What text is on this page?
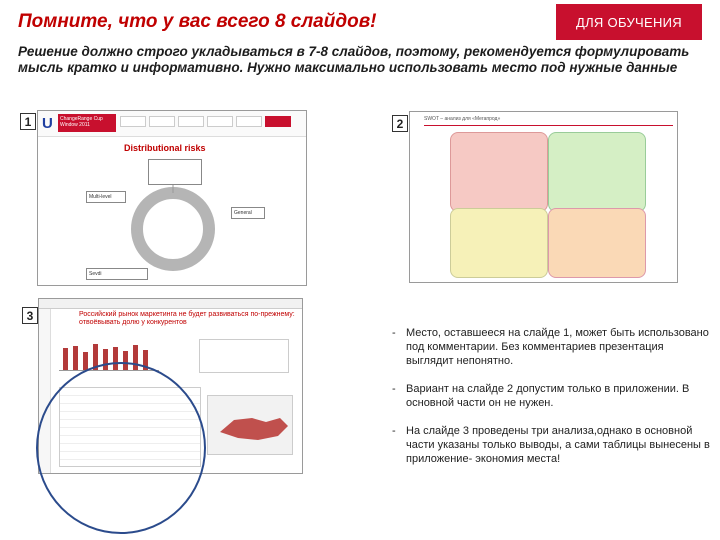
Помните, что у вас всего 8 слайдов!	ДЛЯ ОБУЧЕНИЯ
Решение должно строго укладываться в 7-8 слайдов, поэтому, рекомендуется формулировать мысль кратко и информативно. Нужно максимально использовать место под нужные данные
1 U	ChangeRange Cup Window 2011
Distributional risks
Multi-level
General
Sevdi
2	SWOT – анализ для «Мегапрод»
3	Российский рынок маркетинга не будет развиваться по-прежнему: отвоёвывать долю у конкурентов
- Место, оставшееся на слайде 1, может быть использовано под комментарии. Без комментариев презентация выглядит непонятно.
- Вариант на слайде 2 допустим только в приложении. В основной части он не нужен.
- На слайде 3 проведены три анализа,однако в основной части указаны только выводы, а сами таблицы вынесены в приложение- экономия места!
